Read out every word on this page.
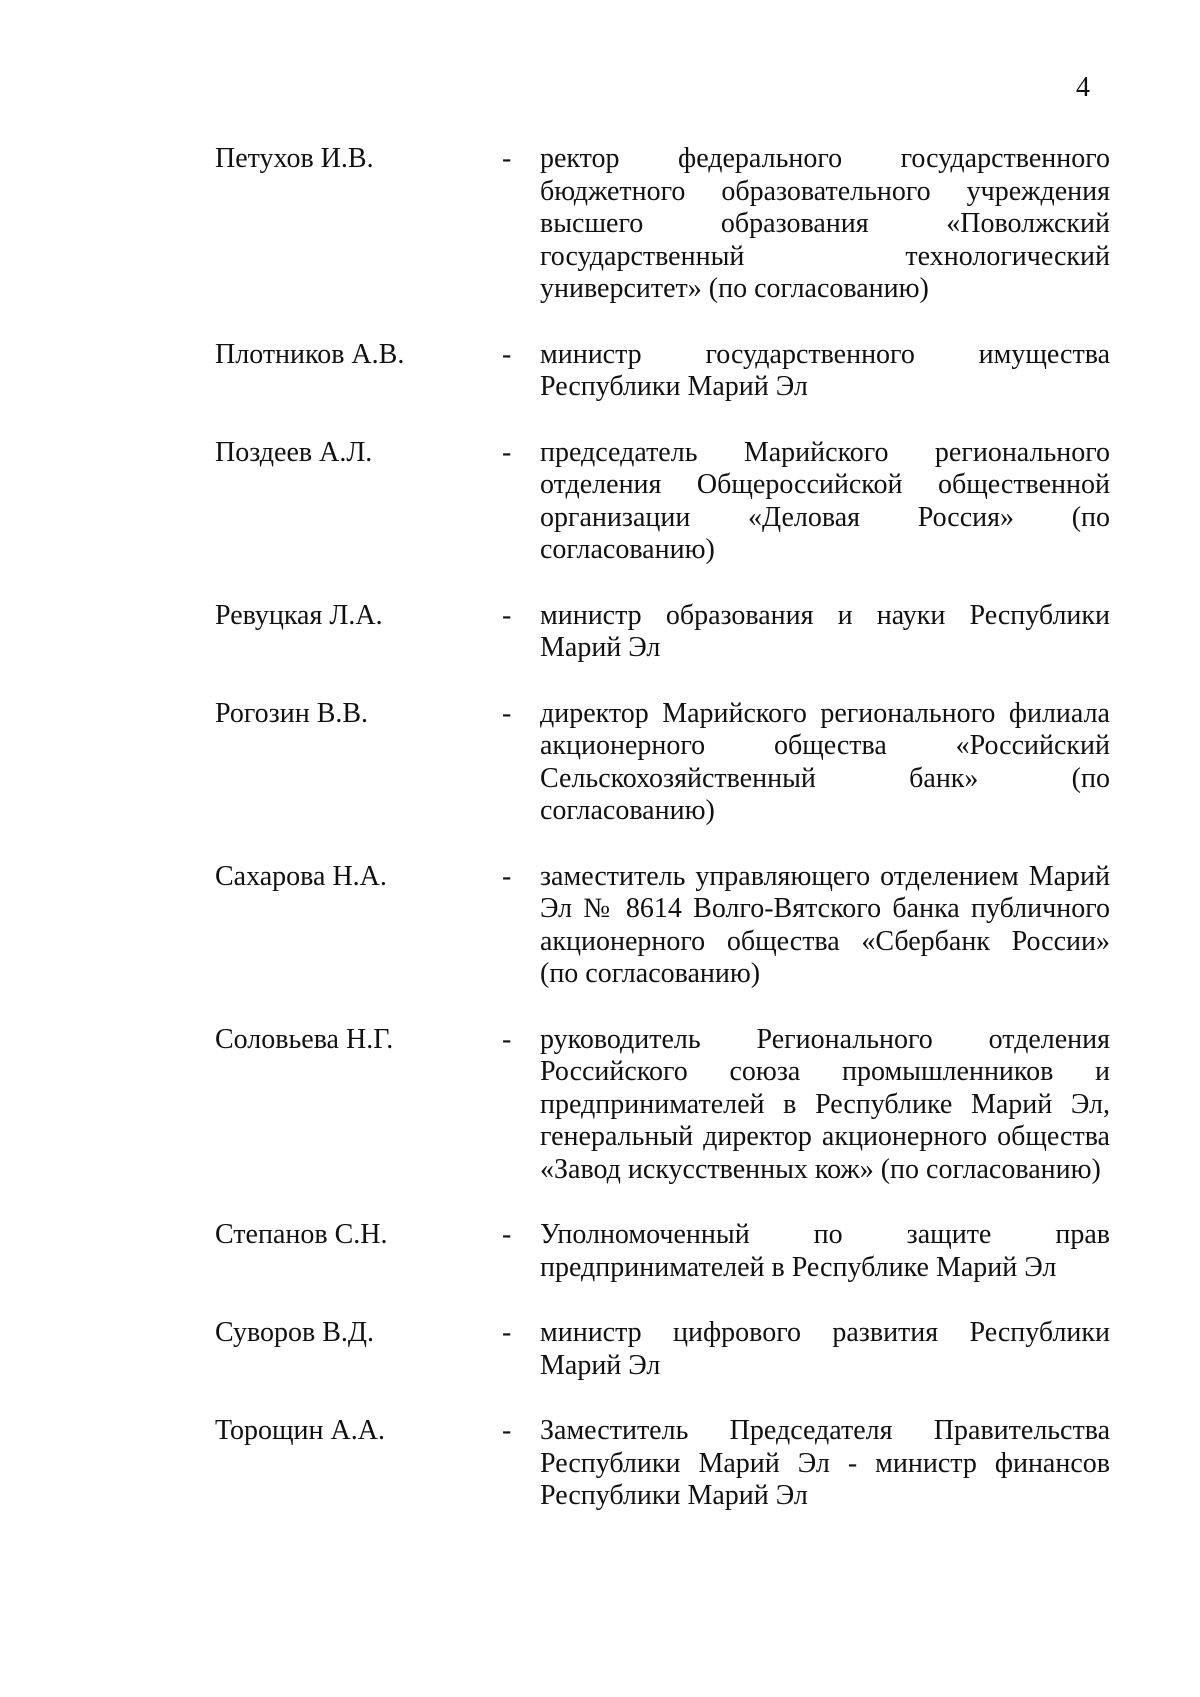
4
Петухов И.В.	-	ректор федерального государственного бюджетного образовательного учреждения высшего образования «Поволжский государственный технологический университет» (по согласованию)
Плотников А.В.	-	министр государственного имущества Республики Марий Эл
Поздеев А.Л.	-	председатель Марийского регионального отделения Общероссийской общественной организации «Деловая Россия» (по согласованию)
Ревуцкая Л.А.	-	министр образования и науки Республики Марий Эл
Рогозин В.В.	-	директор Марийского регионального филиала акционерного общества «Российский Сельскохозяйственный банк» (по согласованию)
Сахарова Н.А.	-	заместитель управляющего отделением Марий Эл № 8614 Волго-Вятского банка публичного акционерного общества «Сбербанк России» (по согласованию)
Соловьева Н.Г.	-	руководитель Регионального отделения Российского союза промышленников и предпринимателей в Республике Марий Эл, генеральный директор акционерного общества «Завод искусственных кож» (по согласованию)
Степанов С.Н.	-	Уполномоченный по защите прав предпринимателей в Республике Марий Эл
Суворов В.Д.	-	министр цифрового развития Республики Марий Эл
Торощин А.А.	-	Заместитель Председателя Правительства Республики Марий Эл - министр финансов Республики Марий Эл
